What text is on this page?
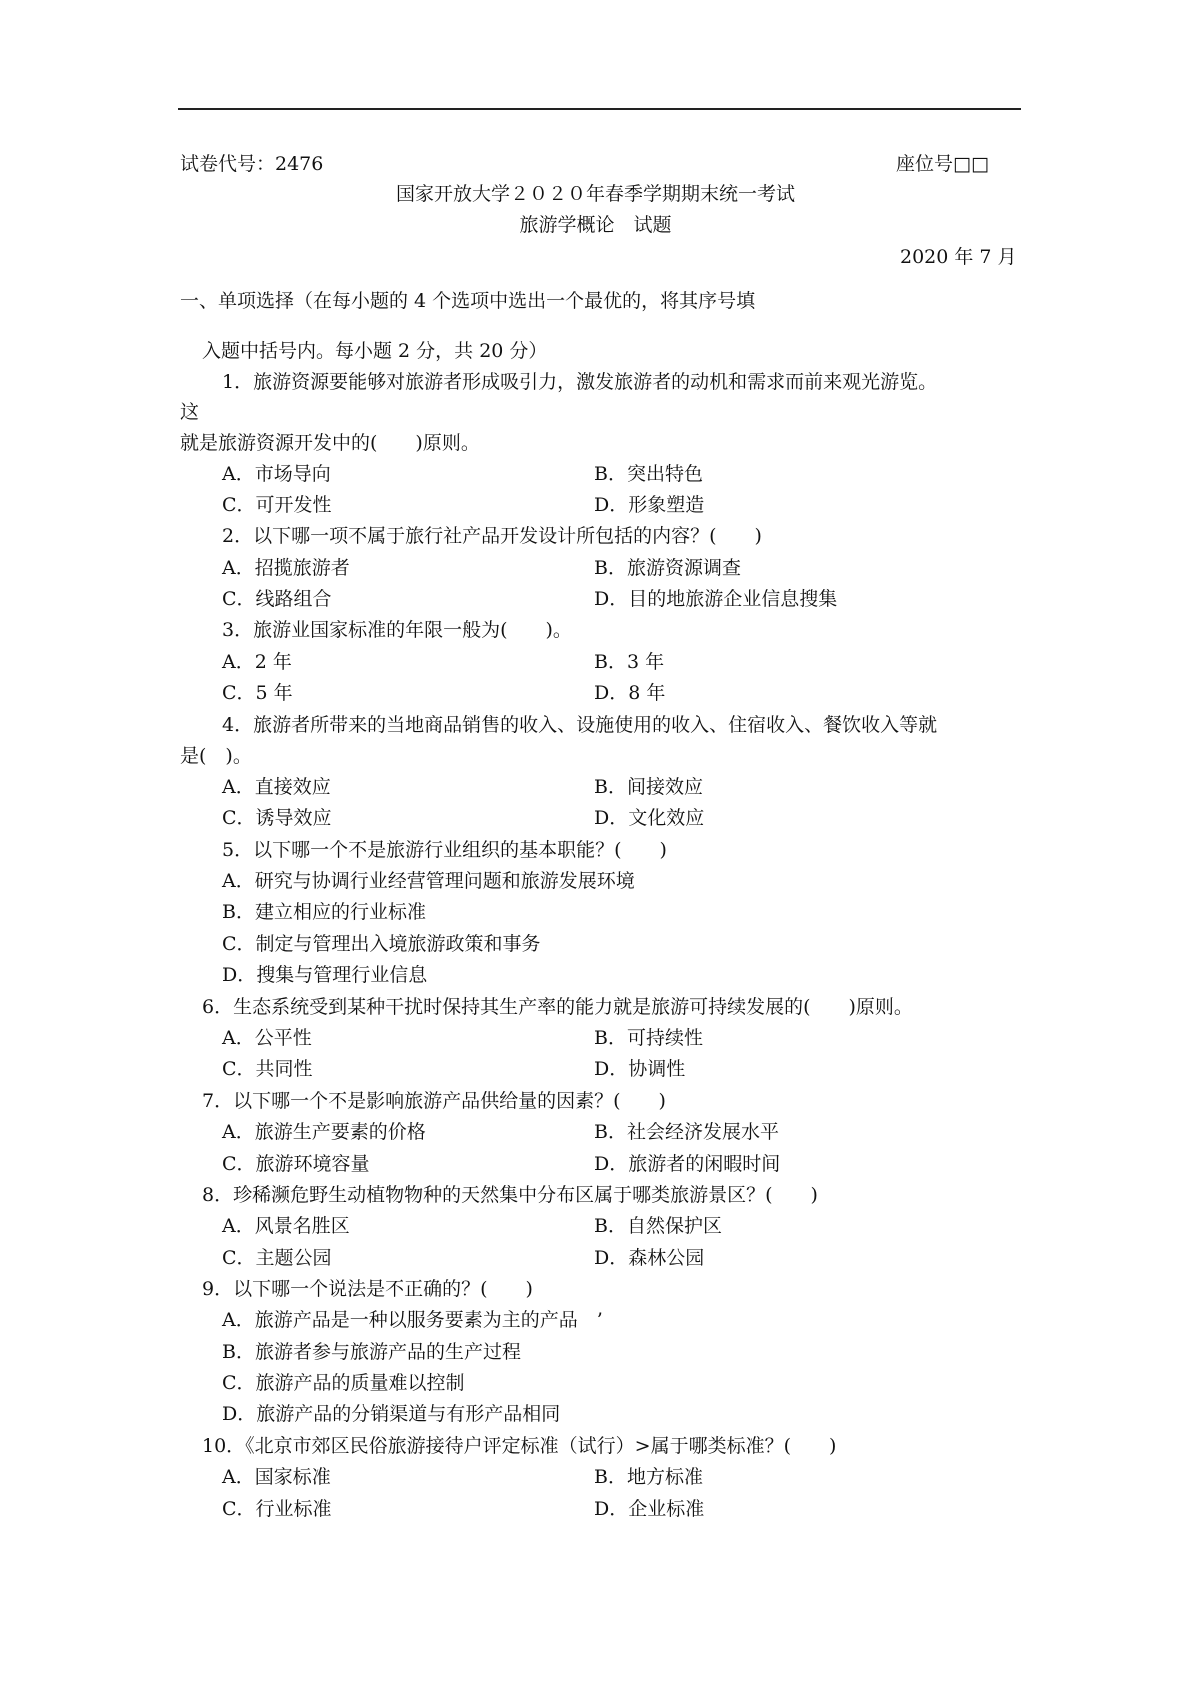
试卷代号：2476	座位号□□
国家开放大学２０２０年春季学期期末统一考试
旅游学概论　试题
2020 年 7 月
一、单项选择（在每小题的 4 个选项中选出一个最优的，将其序号填
入题中括号内。每小题 2 分，共 20 分）
1．旅游资源要能够对旅游者形成吸引力，激发旅游者的动机和需求而前来观光游览。
这
就是旅游资源开发中的(　　)原则。
A．市场导向	B．突出特色
C．可开发性	D．形象塑造
2．以下哪一项不属于旅行社产品开发设计所包括的内容？(　　)
A．招揽旅游者	B．旅游资源调查
C．线路组合	D．目的地旅游企业信息搜集
3．旅游业国家标准的年限一般为(　　)。
A．2 年	B．3 年
C．5 年	D．8 年
4．旅游者所带来的当地商品销售的收入、设施使用的收入、住宿收入、餐饮收入等就
是(　)。
A．直接效应	B．间接效应
C．诱导效应	D．文化效应
5．以下哪一个不是旅游行业组织的基本职能？(　　)
A．研究与协调行业经营管理问题和旅游发展环境
B．建立相应的行业标准
C．制定与管理出入境旅游政策和事务
D．搜集与管理行业信息
6．生态系统受到某种干扰时保持其生产率的能力就是旅游可持续发展的(　　)原则。
A．公平性	B．可持续性
C．共同性	D．协调性
7．以下哪一个不是影响旅游产品供给量的因素？(　　)
A．旅游生产要素的价格	B．社会经济发展水平
C．旅游环境容量	D．旅游者的闲暇时间
8．珍稀濒危野生动植物物种的天然集中分布区属于哪类旅游景区？(　　)
A．风景名胜区	B．自然保护区
C．主题公园	D．森林公园
9．以下哪一个说法是不正确的？(　　)
A．旅游产品是一种以服务要素为主的产品　’
B．旅游者参与旅游产品的生产过程
C．旅游产品的质量难以控制
D．旅游产品的分销渠道与有形产品相同
10．《北京市郊区民俗旅游接待户评定标准（试行）>属于哪类标准？(　　)
A．国家标准	B．地方标准
C．行业标准	D．企业标准
